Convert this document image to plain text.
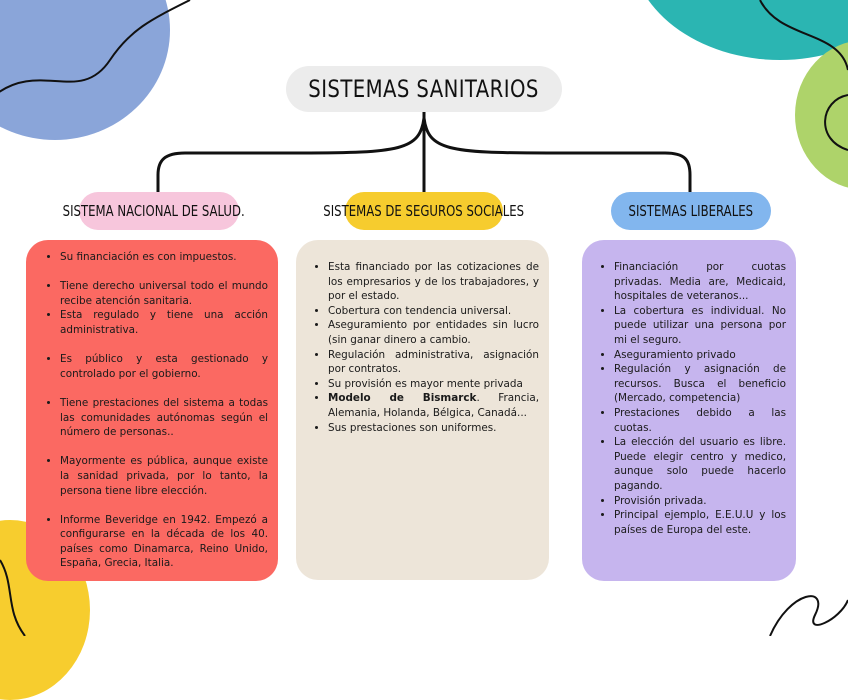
SISTEMAS SANITARIOS
SISTEMA NACIONAL DE SALUD.	SISTEMAS DE SEGUROS SOCIALES	SISTEMAS LIBERALES
• Su financiación es con impuestos.
• Tiene derecho universal todo el mundo recibe atención sanitaria.
• Esta regulado y tiene una acción administrativa.
• Es público y esta gestionado y controlado por el gobierno.
• Tiene prestaciones del sistema a todas las comunidades autónomas según el número de personas..
• Mayormente es pública, aunque existe la sanidad privada, por lo tanto, la persona tiene libre elección.
• Informe Beveridge en 1942. Empezó a configurarse en la década de los 40. países como Dinamarca, Reino Unido, España, Grecia, Italia.
• Esta financiado por las cotizaciones de los empresarios y de los trabajadores, y por el estado.
• Cobertura con tendencia universal.
• Aseguramiento por entidades sin lucro (sin ganar dinero a cambio.
• Regulación administrativa, asignación por contratos.
• Su provisión es mayor mente privada
• Modelo de Bismarck. Francia, Alemania, Holanda, Bélgica, Canadá...
• Sus prestaciones son uniformes.
• Financiación por cuotas privadas. Media are, Medicaid, hospitales de veteranos...
• La cobertura es individual. No puede utilizar una persona por mi el seguro.
• Aseguramiento privado
• Regulación y asignación de recursos. Busca el beneficio (Mercado, competencia)
• Prestaciones debido a las cuotas.
• La elección del usuario es libre. Puede elegir centro y medico, aunque solo puede hacerlo pagando.
• Provisión privada.
• Principal ejemplo, E.E.U.U y los países de Europa del este.
